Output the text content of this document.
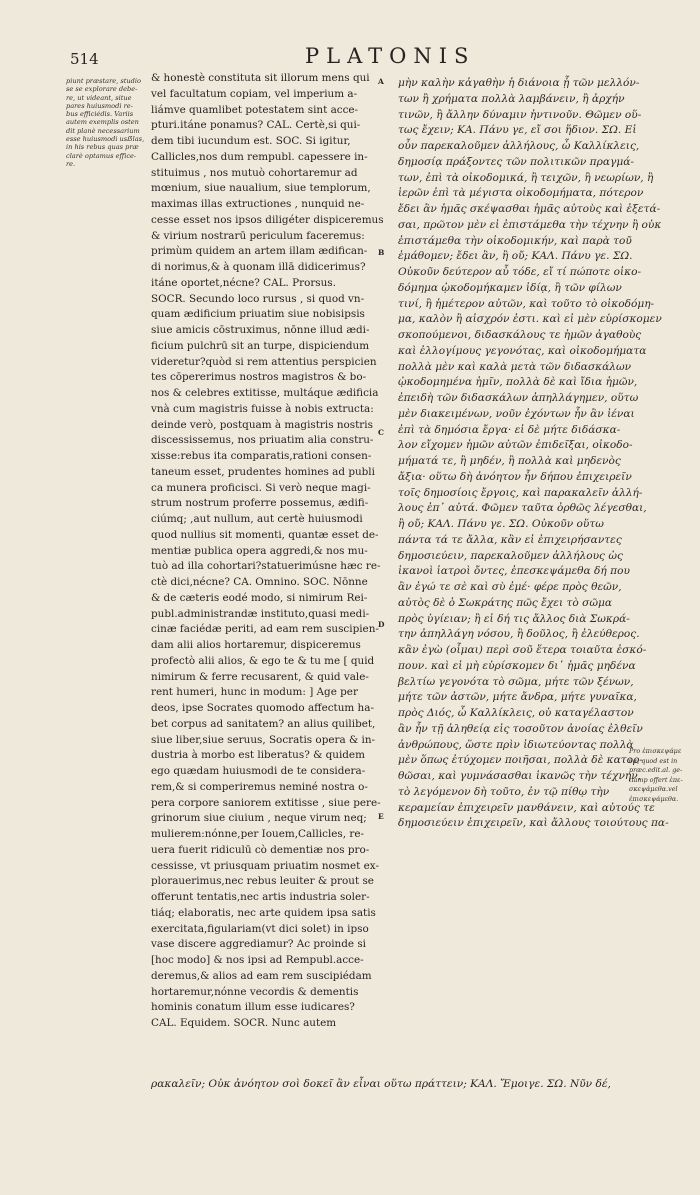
514	PLATONIS
piunt præstare, studio
se se explorare debe-
re, ut videant, situe
pares huiusmodi re-
bus efficiédis. Variis
autem exemplis osten
dit planè necessarium
esse huiusmodi usẞlas,
in his rebus quas præ
clarè optamus effice-
re.
& honestè constituta sit illorum mens qui
vel facultatum copiam, vel imperium a-
liámve quamlibet potestatem sint acce-
pturi.itáne ponamus? CAL. Certè,si qui-
dem tibi iucundum est. SOC. Si igitur,
Callicles,nos dum rempubl. capessere in-
stituimus , nos mutuò cohortaremur ad
mœnium, siue naualium, siue templorum,
maximas illas extructiones , nunquid ne-
cesse esset nos ipsos diligéter dispiceremus
& virium nostrarū periculum faceremus:
primùm quidem an artem illam ædifican-
di norimus,& à quonam illā didicerimus?
itáne oportet,nécne? CAL. Prorsus.
SOCR. Secundo loco rursus , si quod vn-
quam ædificium priuatim siue nobisipsis
siue amicis cōstruximus, nōnne illud ædi-
ficium pulchrū sit an turpe, dispiciendum
videretur?quòd si rem attentius perspicien
tes cōpererimus nostros magistros & bo-
nos & celebres extitisse, multáque ædificia
vnà cum magistris fuisse à nobis extructa:
deinde verò, postquam à magistris nostris
discessissemus, nos priuatim alia constru-
xisse:rebus ita comparatis,rationi consen-
taneum esset, prudentes homines ad publi
ca munera proficisci. Si verò neque magi-
strum nostrum proferre possemus, ædifi-
ciúmq; ,aut nullum, aut certè huiusmodi
quod nullius sit momenti, quantæ esset de-
mentiæ publica opera aggredi,& nos mu-
tuò ad illa cohortari?statuerimúsne hæc re-
ctè dici,nécne? CA. Omnino. SOC. Nōnne
& de cæteris eodé modo, si nimirum Rei-
publ.administrandæ instituto,quasi medi-
cinæ faciédæ periti, ad eam rem suscipien-
dam alii alios hortaremur, dispiceremus
profectò alii alios, & ego te & tu me [ quid
nimirum & ferre recusarent, & quid vale-
rent humeri, hunc in modum: ] Age per
deos, ipse Socrates quomodo affectum ha-
bet corpus ad sanitatem? an alius quilibet,
siue liber,siue seruus, Socratis opera & in-
dustria à morbo est liberatus? & quidem
ego quædam huiusmodi de te considera-
rem,& si comperiremus neminé nostra o-
pera corpore saniorem extitisse , siue pere-
grinorum siue ciuium , neque virum neq;
mulierem:nónne,per Iouem,Callicles, re-
uera fuerit ridiculū cò dementiæ nos pro-
cessisse, vt priusquam priuatim nosmet ex-
plorauerimus,nec rebus leuiter & prout se
offerunt tentatis,nec artis industria soler-
tiáq; elaboratis, nec arte quidem ipsa satis
exercitata,figulariam(vt dici solet) in ipso
vase discere aggrediamur? Ac proinde si
[hoc modo] & nos ipsi ad Rempubl.acce-
deremus,& alios ad eam rem suscipiédam
hortaremur,nónne vecordis & dementis
hominis conatum illum esse iudicares?
CAL. Equidem. SOCR. Nunc autem
A
B
C
D
E
μὴν καλὴν κἀγαθὴν ἡ διάνοια ᾖ τῶν μελλόν-
των ἢ χρήματα πολλὰ λαμβάνειν, ἢ ἀρχήν
τινῶν, ἢ ἄλλην δύναμιν ἡντινοῦν. Θῶμεν οὕ-
τως ἔχειν; ΚΑ. Πάνυ γε, εἴ σοι ἥδιον. ΣΩ. Εἰ
οὖν παρεκαλοῦμεν ἀλλήλους, ὦ Καλλίκλεις,
δημοσίᾳ πράξοντες τῶν πολιτικῶν πραγμά-
των, ἐπὶ τὰ οἰκοδομικά, ἢ τειχῶν, ἢ νεωρίων, ἢ
ἱερῶν ἐπὶ τὰ μέγιστα οἰκοδομήματα, πότερον
ἔδει ἂν ἡμᾶς σκέψασθαι ἡμᾶς αὐτοὺς καὶ ἐξετά-
σαι, πρῶτον μὲν εἰ ἐπιστάμεθα τὴν τέχνην ἢ οὐκ
ἐπιστάμεθα τὴν οἰκοδομικήν, καὶ παρὰ τοῦ
ἐμάθομεν; ἔδει ἂν, ἢ οὔ; ΚΑΛ. Πάνυ γε. ΣΩ.
Οὐκοῦν δεύτερον αὖ τόδε, εἴ τί πώποτε οἰκο-
δόμημα ᾠκοδομήκαμεν ἰδίᾳ, ἢ τῶν φίλων
τινί, ἢ ἡμέτερον αὐτῶν, καὶ τοῦτο τὸ οἰκοδόμη-
μα, καλὸν ἢ αἰσχρόν ἐστι. καὶ εἰ μὲν εὑρίσκομεν
σκοπούμενοι, διδασκάλους τε ἡμῶν ἀγαθοὺς
καὶ ἐλλογίμους γεγονότας, καὶ οἰκοδομήματα
πολλὰ μὲν καὶ καλὰ μετὰ τῶν διδασκάλων
ᾠκοδομημένα ἡμῖν, πολλὰ δὲ καὶ ἴδια ἡμῶν,
ἐπειδὴ τῶν διδασκάλων ἀπηλλάγημεν, οὕτω
μὲν διακειμένων, νοῦν ἐχόντων ἦν ἂν ἰέναι
ἐπὶ τὰ δημόσια ἔργα· εἰ δὲ μήτε διδάσκα-
λον εἴχομεν ἡμῶν αὐτῶν ἐπιδεῖξαι, οἰκοδο-
μήματά τε, ἢ μηδέν, ἢ πολλὰ καὶ μηδενὸς
ἄξια· οὕτω δὴ ἀνόητον ἦν δήπου ἐπιχειρεῖν
τοῖς δημοσίοις ἔργοις, καὶ παρακαλεῖν ἀλλή-
λους ἐπ᾽ αὐτά. Φῶμεν ταῦτα ὀρθῶς λέγεσθαι,
ἢ οὔ; ΚΑΛ. Πάνυ γε. ΣΩ. Οὐκοῦν οὕτω
πάντα τά τε ἄλλα, κἂν εἰ ἐπιχειρήσαντες
δημοσιεύειν, παρεκαλοῦμεν ἀλλήλους ὡς
ἱκανοὶ ἰατροὶ ὄντες, ἐπεσκεψάμεθα δή που
ἂν ἐγώ τε σὲ καὶ σὺ ἐμέ· φέρε πρὸς θεῶν,
αὐτὸς δὲ ὁ Σωκράτης πῶς ἔχει τὸ σῶμα
πρὸς ὑγίειαν; ἢ εἰ δή τις ἄλλος διὰ Σωκρά-
την ἀπηλλάγη νόσου, ἢ δοῦλος, ἢ ἐλεύθερος.
κἂν ἐγὼ (οἶμαι) περὶ σοῦ ἕτερα τοιαῦτα ἐσκό-
πουν. καὶ εἰ μὴ εὑρίσκομεν δι᾽ ἡμᾶς μηδένα
βελτίω γεγονότα τὸ σῶμα, μήτε τῶν ξένων,
μήτε τῶν ἀστῶν, μήτε ἄνδρα, μήτε γυναῖκα,
πρὸς Διός, ὦ Καλλίκλεις, οὐ καταγέλαστον
ἂν ἦν τῇ ἀληθείᾳ εἰς τοσοῦτον ἀνοίας ἐλθεῖν
ἀνθρώπους, ὥστε πρὶν ἰδιωτεύοντας πολλὰ
μὲν ὅπως ἐτύχομεν ποιῆσαι, πολλὰ δὲ κατορ-
θῶσαι, καὶ γυμνάσασθαι ἱκανῶς τὴν τέχνην,
τὸ λεγόμενον δὴ τοῦτο, ἐν τῷ πίθῳ τὴν
κεραμείαν ἐπιχειρεῖν μανθάνειν, καὶ αὐτούς τε
δημοσιεύειν ἐπιχειρεῖν, καὶ ἄλλους τοιούτους πα-
ρακαλεῖν; Οὐκ ἀνόητον σοὶ δοκεῖ ἂν εἶναι οὕτω πράττειν; ΚΑΛ. Ἔμοιγε. ΣΩ. Νῦν δέ,
Pro ἐπισκεψάμε
θα, quod est in
præc.edit.al. ge-
tiamp offert ἐπε-
σκεψάμεθα.vel
ἐπισκεψάμεθα.
